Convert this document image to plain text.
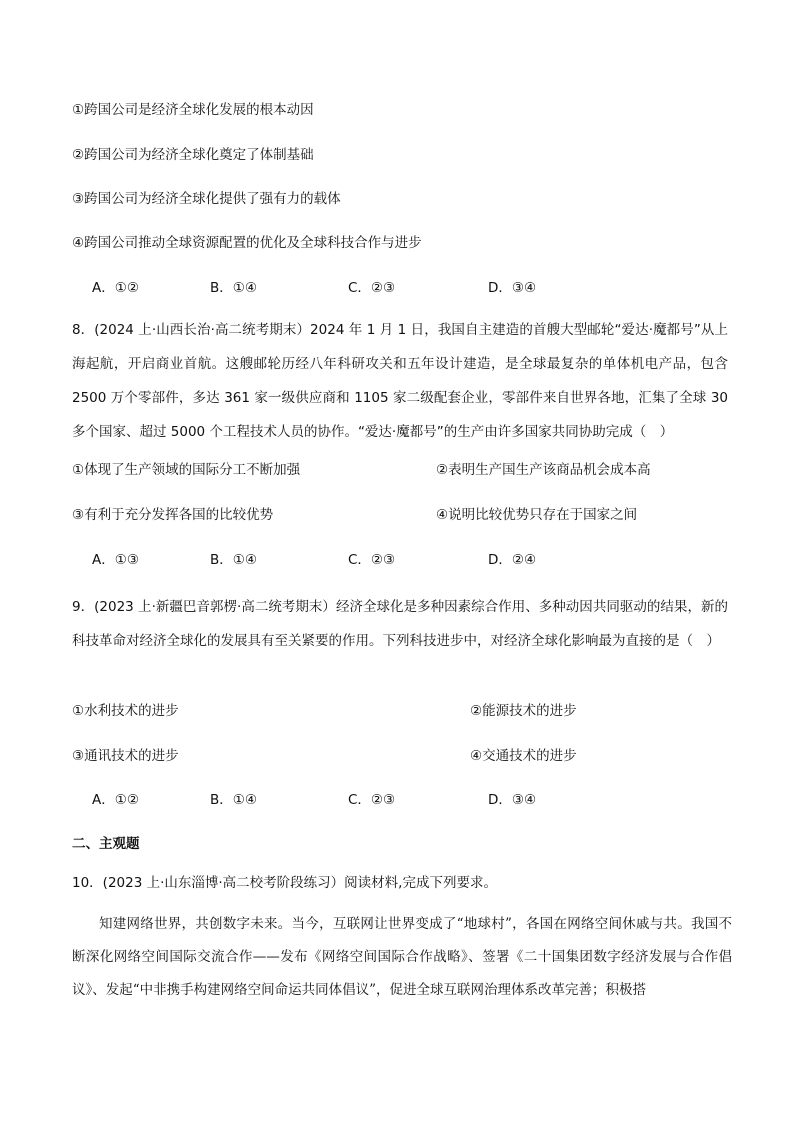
①跨国公司是经济全球化发展的根本动因
②跨国公司为经济全球化奠定了体制基础
③跨国公司为经济全球化提供了强有力的载体
④跨国公司推动全球资源配置的优化及全球科技合作与进步
A．①②	B．①④	C．②③	D．③④
8．(2024 上·山西长治·高二统考期末）2024 年 1 月 1 日，我国自主建造的首艘大型邮轮“爱达·魔都号”从上海起航，开启商业首航。这艘邮轮历经八年科研攻关和五年设计建造，是全球最复杂的单体机电产品，包含 2500 万个零部件，多达 361 家一级供应商和 1105 家二级配套企业，零部件来自世界各地，汇集了全球 30 多个国家、超过 5000 个工程技术人员的协作。“爱达·魔都号”的生产由许多国家共同协助完成（　）
①体现了生产领域的国际分工不断加强	②表明生产国生产该商品机会成本高
③有利于充分发挥各国的比较优势	④说明比较优势只存在于国家之间
A．①③	B．①④	C．②③	D．②④
9．(2023 上·新疆巴音郭楞·高二统考期末）经济全球化是多种因素综合作用、多种动因共同驱动的结果，新的科技革命对经济全球化的发展具有至关紧要的作用。下列科技进步中，对经济全球化影响最为直接的是（　）
①水利技术的进步	②能源技术的进步
③通讯技术的进步	④交通技术的进步
A．①②	B．①④	C．②③	D．③④
二、主观题
10．(2023 上·山东淄博·高二校考阶段练习）阅读材料,完成下列要求。
知建网络世界，共创数字未来。当今，互联网让世界变成了“地球村”，各国在网络空间休戚与共。我国不断深化网络空间国际交流合作——发布《网络空间国际合作战略》、签署《二十国集团数字经济发展与合作倡议》、发起“中非携手构建网络空间命运共同体倡议”，促进全球互联网治理体系改革完善；积极搭
